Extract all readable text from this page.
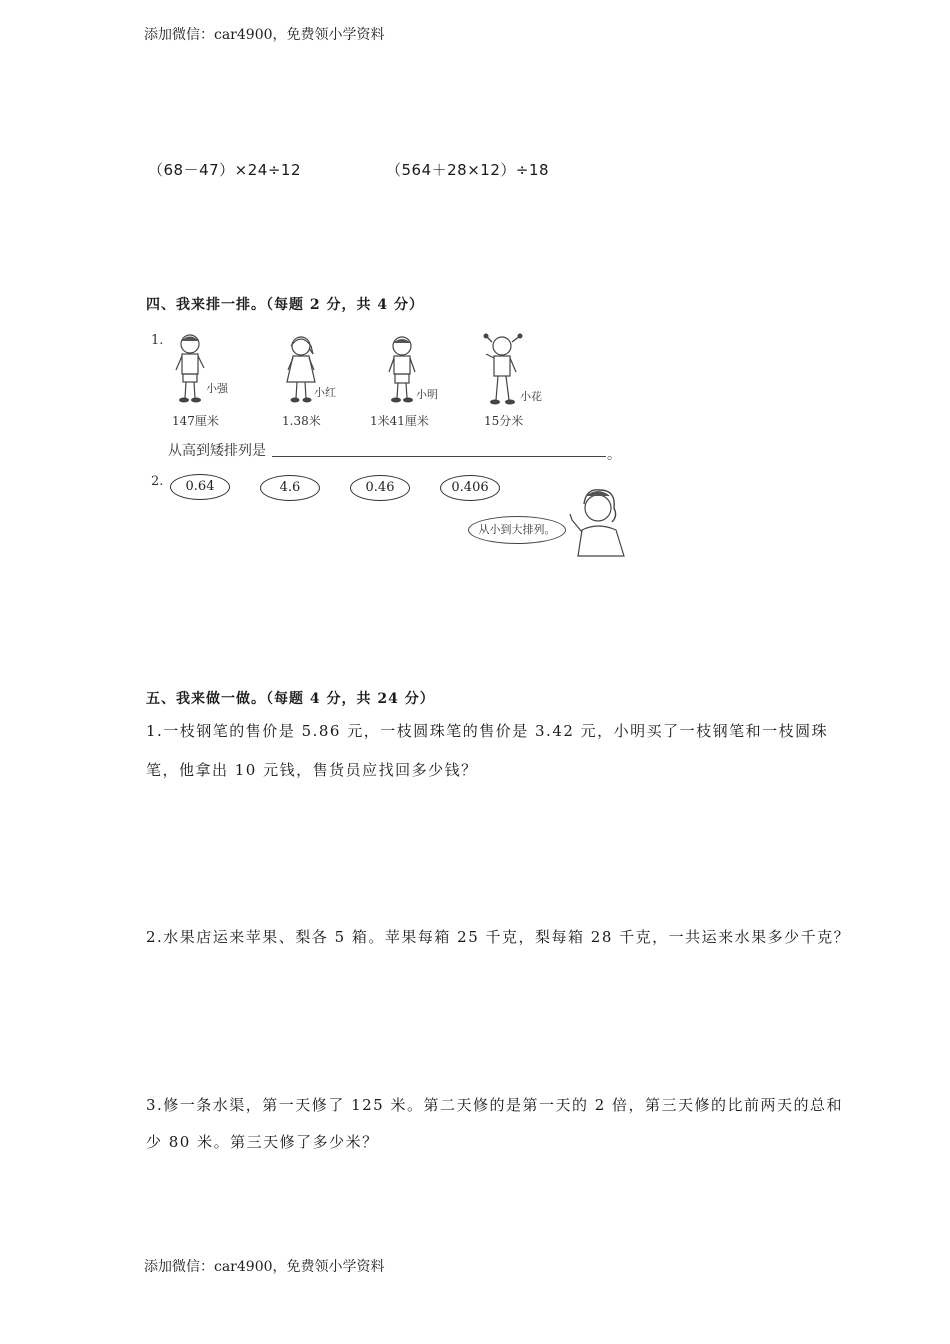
添加微信：car4900，免费领小学资料
（68－47）×24÷12	（564＋28×12）÷18
四、我来排一排。（每题 2 分，共 4 分）
1.
小强
147厘米
小红
1.38米
小明
1米41厘米
小花
15分米
从高到矮排列是	。
2.	0.64	4.6	0.46	0.406
从小到大排列。
五、我来做一做。（每题 4 分，共 24 分）
1.一枝钢笔的售价是 5.86 元，一枝圆珠笔的售价是 3.42 元，小明买了一枝钢笔和一枝圆珠
笔，他拿出 10 元钱，售货员应找回多少钱？
2.水果店运来苹果、梨各 5 箱。苹果每箱 25 千克，梨每箱 28 千克，一共运来水果多少千克？
3.修一条水渠，第一天修了 125 米。第二天修的是第一天的 2 倍，第三天修的比前两天的总和
少 80 米。第三天修了多少米？
添加微信：car4900，免费领小学资料
